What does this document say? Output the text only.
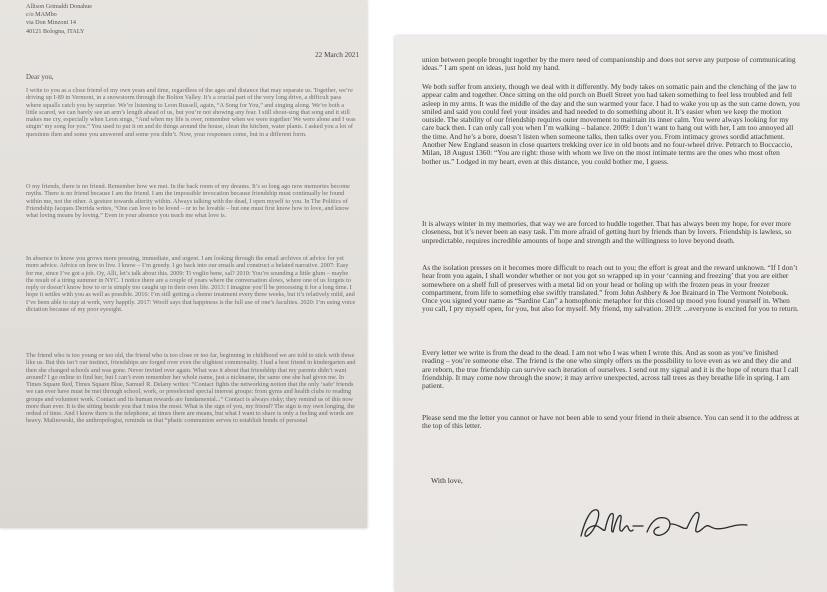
Allison Grimaldi Donahue
c/o MAMbo
via Don Minzoni 14
40121 Bologna, ITALY
22 March 2021
Dear you,

I write to you as a close friend of my own years and time, regardless of the ages and distance that may separate us. Together, we’re driving up I-89 in Vermont, in a snowstorm through the Bolton Valley. It’s a crucial part of the very long drive, a difficult pass where squalls catch you by surprise. We’re listening to Leon Russell, again, “A Song for You,” and singing along. We’re both a little scared, we can barely see an arm’s length ahead of us, but you’re not showing any fear. I still shout-sing that song and it still makes me cry, especially when Leon sings, “And when my life is over, remember when we were together/ We were alone and I was singin’ my song for you.” You used to put it on and do things around the house, clean the kitchen, water plants. I asked you a lot of questions then and some you answered and some you didn’t. Now, your responses come, but in a different form.

O my friends, there is no friend. Remember how we met. In the back room of my dreams. It’s so long ago now memories become myths. There is no friend because I am the friend. I am the impossible invocation because friendship must continually be found within me, not the other. A gesture towards alterity within. Always talking with the dead, I open myself to you. In The Politics of Friendship Jacques Derrida writes, “One can love to be loved – or to be lovable – but one must first know how to love, and know what loving means by loving.” Even in your absence you teach me what love is.

In absence to know you grows more pressing, immediate, and urgent. I am looking through the email archives of advice for yet more advice. Advice on how to live. I know – I’m greedy. I go back into our emails and construct a belated narrative. 2007: Easy for me, since I’ve got a job. Oy, Alli, let’s talk about this. 2009: Ti voglio bene, sal? 2010: You’re sounding a little glum – maybe the result of a tiring summer in NYC. I notice there are a couple of years where the conversation slows, where one of us forgets to reply or doesn’t know how to or is simply too caught up in their own life. 2013: I imagine you’ll be processing it for a long time. I hope it settles with you as well as possible. 2016: I’m still getting a chemo treatment every three weeks, but it’s relatively mild, and I’ve been able to stay at work, very happily. 2017: Woolf says that happiness is the full use of one’s faculties. 2020: I’m using voice dictation because of my poor eyesight.

The friend who is too young or too old, the friend who is too close or too far, beginning in childhood we are told to stick with those like us. But this isn’t our instinct, friendships are forged over even the slightest commonality. I had a best friend in kindergarten and then she changed schools and was gone. Never invited over again. What was it about that friendship that my parents didn’t want around? I go online to find her, but I can’t even remember her whole name, just a nickname, the same one she had given me. In Times Square Red, Times Square Blue, Samuel R. Delany writes: “Contact fights the networking notion that the only ‘safe’ friends we can ever have must be met through school, work, or preselected special interest groups: from gyms and health clubs to reading groups and volunteer work. Contact and its human rewards are fundamental...” Contact is always risky; they remind us of this now more than ever. It is the sitting beside you that I miss the most. What is the sign of you, my friend? The sign is my own longing, the ordeal of time. And I know there is the telephone, at times there are means, but what I want to share is only a feeling and words are heavy. Malinowski, the anthropologist, reminds us that “phatic communion serves to establish bonds of personal

union between people brought together by the mere need of companionship and does not serve any purpose of communicating ideas.” I am spent on ideas, just hold my hand.

We both suffer from anxiety, though we deal with it differently. My body takes on somatic pain and the clenching of the jaw to appear calm and together. Once sitting on the old porch on Buell Street you had taken something to feel less troubled and fell asleep in my arms. It was the middle of the day and the sun warmed your face. I had to wake you up as the sun came down, you smiled and said you could feel your insides and had needed to do something about it. It’s easier when we keep the motion outside. The stability of our friendship requires outer movement to maintain its inner calm. You were always looking for my care back then. I can only call you when I’m walking – balance. 2009: I don’t want to hang out with her, I am too annoyed all the time. And he’s a bore, doesn’t listen when someone talks, then talks over you. From intimacy grows sordid attachment. Another New England season in close quarters trekking over ice in old boots and no four-wheel drive. Petrarch to Boccaccio, Milan, 18 August 1360: “You are right: those with whom we live on the most intimate terms are the ones who most often bother us.” Lodged in my heart, even at this distance, you could bother me, I guess.

It is always winter in my memories, that way we are forced to huddle together. That has always been my hope, for ever more closeness, but it’s never been an easy task. I’m more afraid of getting hurt by friends than by lovers. Friendship is lawless, so unpredictable, requires incredible amounts of hope and strength and the willingness to love beyond death.

As the isolation presses on it becomes more difficult to reach out to you; the effort is great and the reward unknown. “If I don’t hear from you again, I shall wonder whether or not you got so wrapped up in your ‘canning and freezing’ that you are either somewhere on a shelf full of preserves with a metal lid on your head or holing up with the frozen peas in your freezer compartment, from life to something else swiftly translated.” from John Ashbery & Joe Brainard in The Vermont Notebook. Once you signed your name as “Sardine Can” a homophonic metaphor for this closed up mood you found yourself in. When you call, I pry myself open, for you, but also for myself. My friend, my salvation. 2019: ...everyone is excited for you to return.

Every letter we write is from the dead to the dead. I am not who I was when I wrote this. And as soon as you’ve finished reading – you’re someone else. The friend is the one who simply offers us the possibility to love even as we and they die and are reborn, the true friendship can survive each iteration of ourselves. I send out my signal and it is the hope of return that I call friendship. It may come now through the snow; it may arrive unexpected, across tall trees as they breathe life in spring. I am patient.

Please send me the letter you cannot or have not been able to send your friend in their absence. You can send it to the address at the top of this letter.

With love,
